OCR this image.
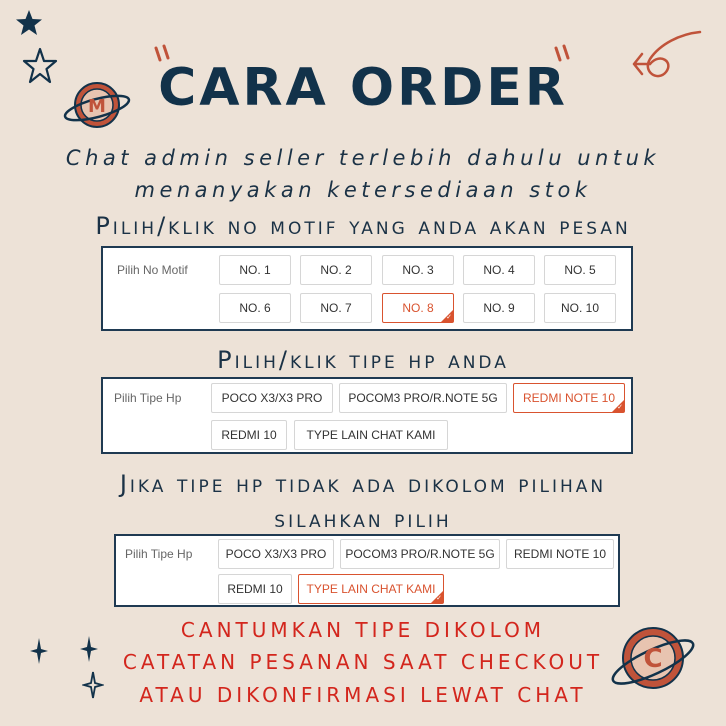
M	CARA ORDER
Chat admin seller terlebih dahulu untuk
menanyakan ketersediaan stok
Pilih/klik no motif yang anda akan pesan
Pilih No Motif	NO. 1	NO. 2	NO. 3	NO. 4	NO. 5
NO. 6	NO. 7	✓ NO. 8	NO. 9	NO. 10
Pilih/klik tipe hp anda
Pilih Tipe Hp	POCO X3/X3 PRO	POCOM3 PRO/R.NOTE 5G	✓ REDMI NOTE 10
REDMI 10	TYPE LAIN CHAT KAMI
Jika tipe hp tidak ada dikolom pilihan
silahkan pilih
Pilih Tipe Hp	POCO X3/X3 PRO	POCOM3 PRO/R.NOTE 5G	REDMI NOTE 10
REDMI 10	✓ TYPE LAIN CHAT KAMI
CANTUMKAN TIPE DIKOLOM
CATATAN PESANAN SAAT CHECKOUT
ATAU DIKONFIRMASI LEWAT CHAT
C
